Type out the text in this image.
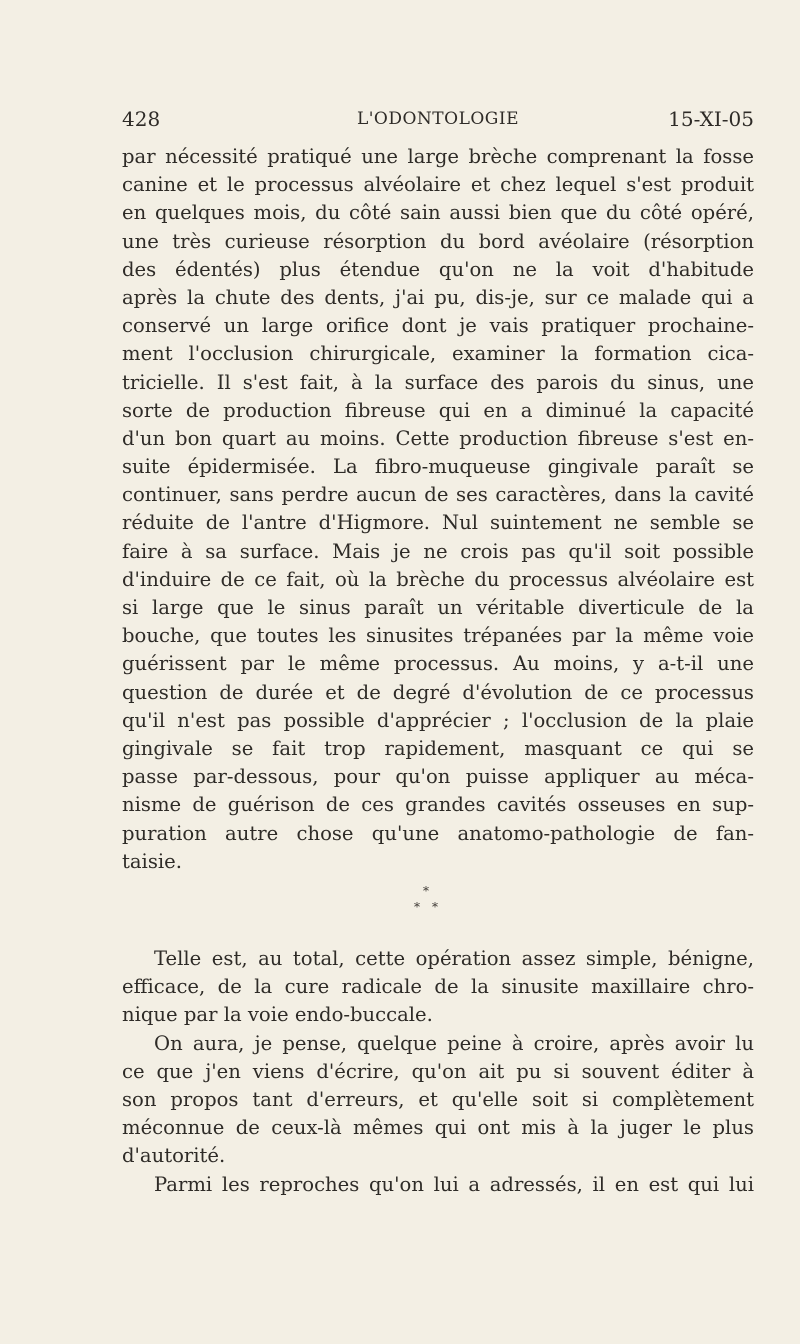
428	L'ODONTOLOGIE	15-XI-05
par nécessité pratiqué une large brèche comprenant la fosse
canine et le processus alvéolaire et chez lequel s'est produit
en quelques mois, du côté sain aussi bien que du côté opéré,
une très curieuse résorption du bord avéolaire (résorption
des édentés) plus étendue qu'on ne la voit d'habitude
après la chute des dents, j'ai pu, dis-je, sur ce malade qui a
conservé un large orifice dont je vais pratiquer prochaine-
ment l'occlusion chirurgicale, examiner la formation cica-
tricielle. Il s'est fait, à la surface des parois du sinus, une
sorte de production fibreuse qui en a diminué la capacité
d'un bon quart au moins. Cette production fibreuse s'est en-
suite épidermisée. La fibro-muqueuse gingivale paraît se
continuer, sans perdre aucun de ses caractères, dans la cavité
réduite de l'antre d'Higmore. Nul suintement ne semble se
faire à sa surface. Mais je ne crois pas qu'il soit possible
d'induire de ce fait, où la brèche du processus alvéolaire est
si large que le sinus paraît un véritable diverticule de la
bouche, que toutes les sinusites trépanées par la même voie
guérissent par le même processus. Au moins, y a-t-il une
question de durée et de degré d'évolution de ce processus
qu'il n'est pas possible d'apprécier ; l'occlusion de la plaie
gingivale se fait trop rapidement, masquant ce qui se
passe par-dessous, pour qu'on puisse appliquer au méca-
nisme de guérison de ces grandes cavités osseuses en sup-
puration autre chose qu'une anatomo-pathologie de fan-
taisie.
*
* *
Telle est, au total, cette opération assez simple, bénigne,
efficace, de la cure radicale de la sinusite maxillaire chro-
nique par la voie endo-buccale.
On aura, je pense, quelque peine à croire, après avoir lu
ce que j'en viens d'écrire, qu'on ait pu si souvent éditer à
son propos tant d'erreurs, et qu'elle soit si complètement
méconnue de ceux-là mêmes qui ont mis à la juger le plus
d'autorité.
Parmi les reproches qu'on lui a adressés, il en est qui lui
